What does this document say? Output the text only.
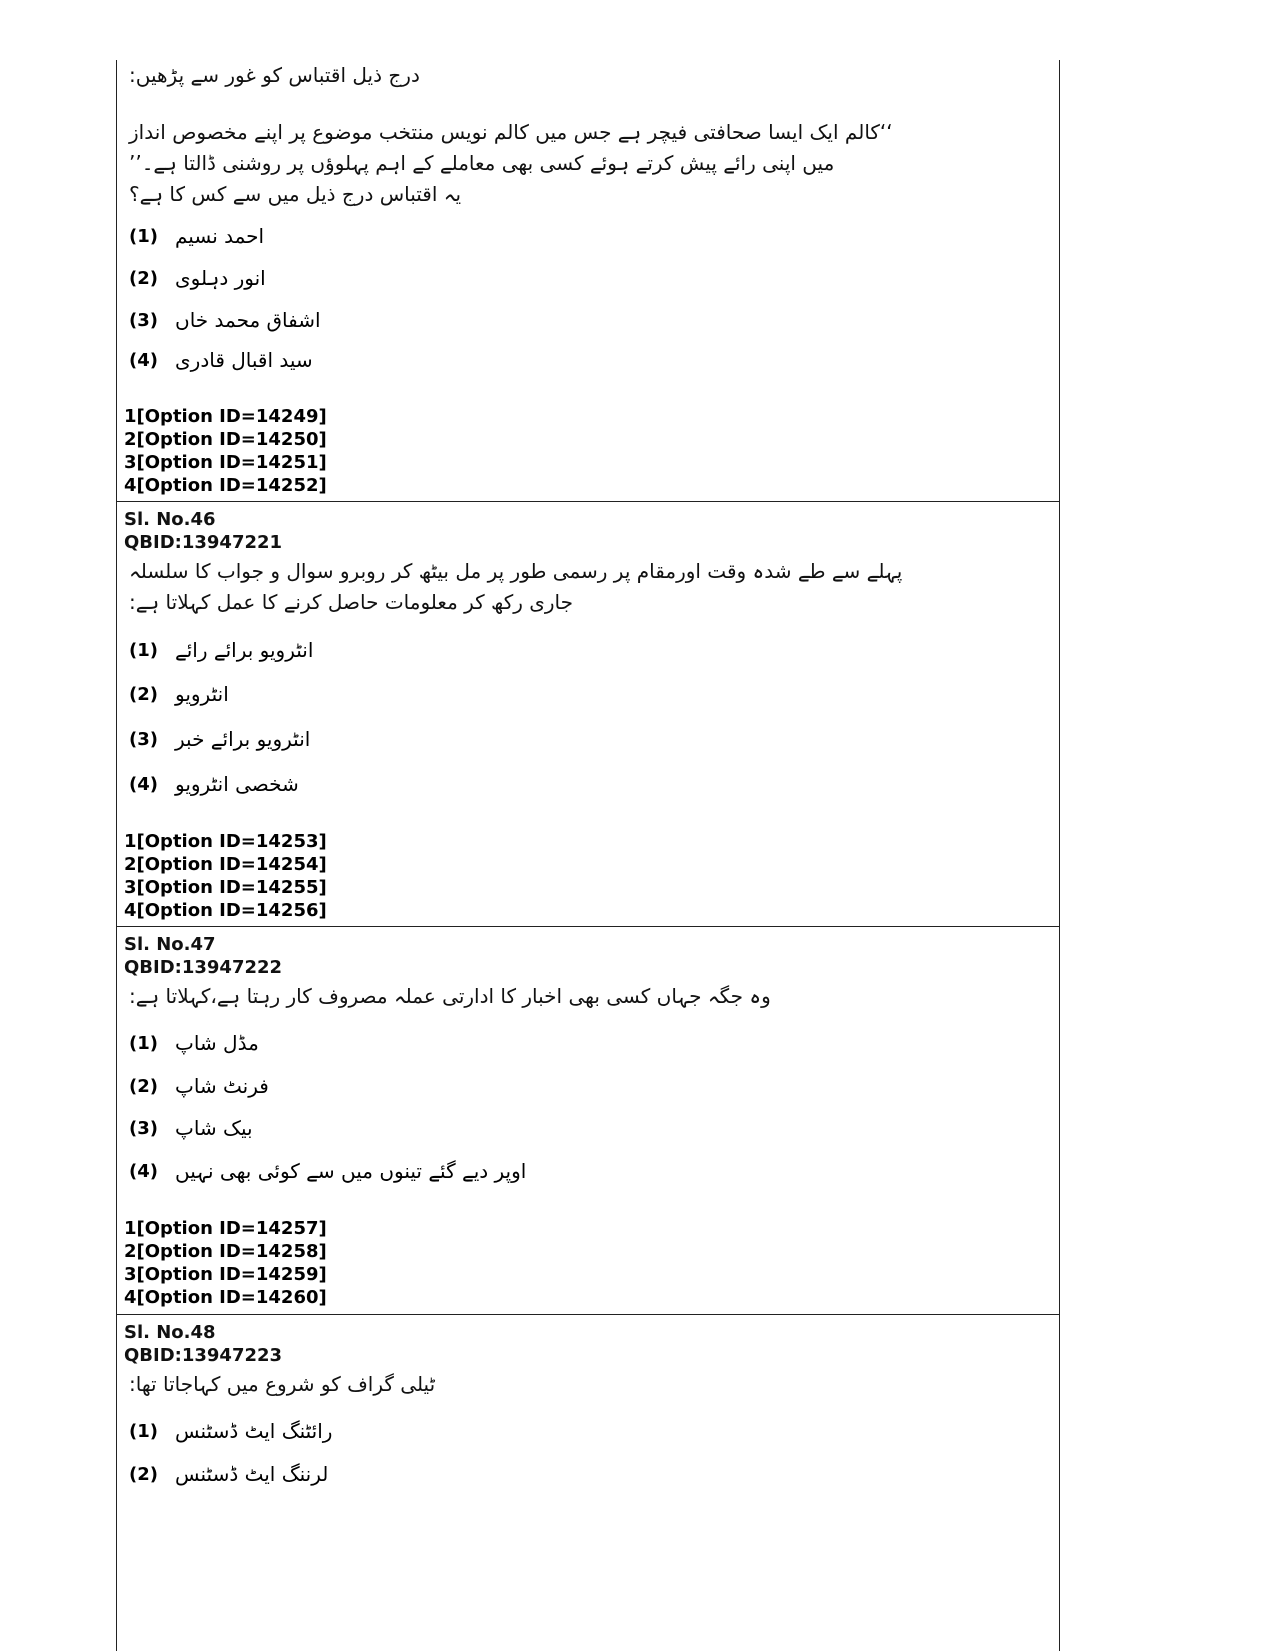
درج ذیل اقتباس کو غور سے پڑھیں:

‘‘کالم ایک ایسا صحافتی فیچر ہے جس میں کالم نویس منتخب موضوع پر اپنے مخصوص انداز

میں اپنی رائے پیش کرتے ہوئے کسی بھی معاملے کے اہم پہلوؤں پر روشنی ڈالتا ہے۔’’

یہ اقتباس درج ذیل میں سے کس کا ہے؟

(1) احمد نسیم
(2) انور دہلوی
(3) اشفاق محمد خاں
(4) سید اقبال قادری
1[Option ID=14249]
2[Option ID=14250]
3[Option ID=14251]
4[Option ID=14252]
Sl. No.46
QBID:13947221

پہلے سے طے شدہ وقت اورمقام پر رسمی طور پر مل بیٹھ کر روبرو سوال و جواب کا سلسلہ

جاری رکھ کر معلومات حاصل کرنے کا عمل کہلاتا ہے:

(1) انٹرویو برائے رائے
(2) انٹرویو
(3) انٹرویو برائے خبر
(4) شخصی انٹرویو
1[Option ID=14253]
2[Option ID=14254]
3[Option ID=14255]
4[Option ID=14256]
Sl. No.47
QBID:13947222

وہ جگہ جہاں کسی بھی اخبار کا ادارتی عملہ مصروف کار رہتا ہے،کہلاتا ہے:

(1) مڈل شاپ
(2) فرنٹ شاپ
(3) بیک شاپ
(4) اوپر دیے گئے تینوں میں سے کوئی بھی نہیں
1[Option ID=14257]
2[Option ID=14258]
3[Option ID=14259]
4[Option ID=14260]
Sl. No.48
QBID:13947223

ٹیلی گراف کو شروع میں کہاجاتا تھا:

(1) رائٹنگ ایٹ ڈسٹنس
(2) لرننگ ایٹ ڈسٹنس
